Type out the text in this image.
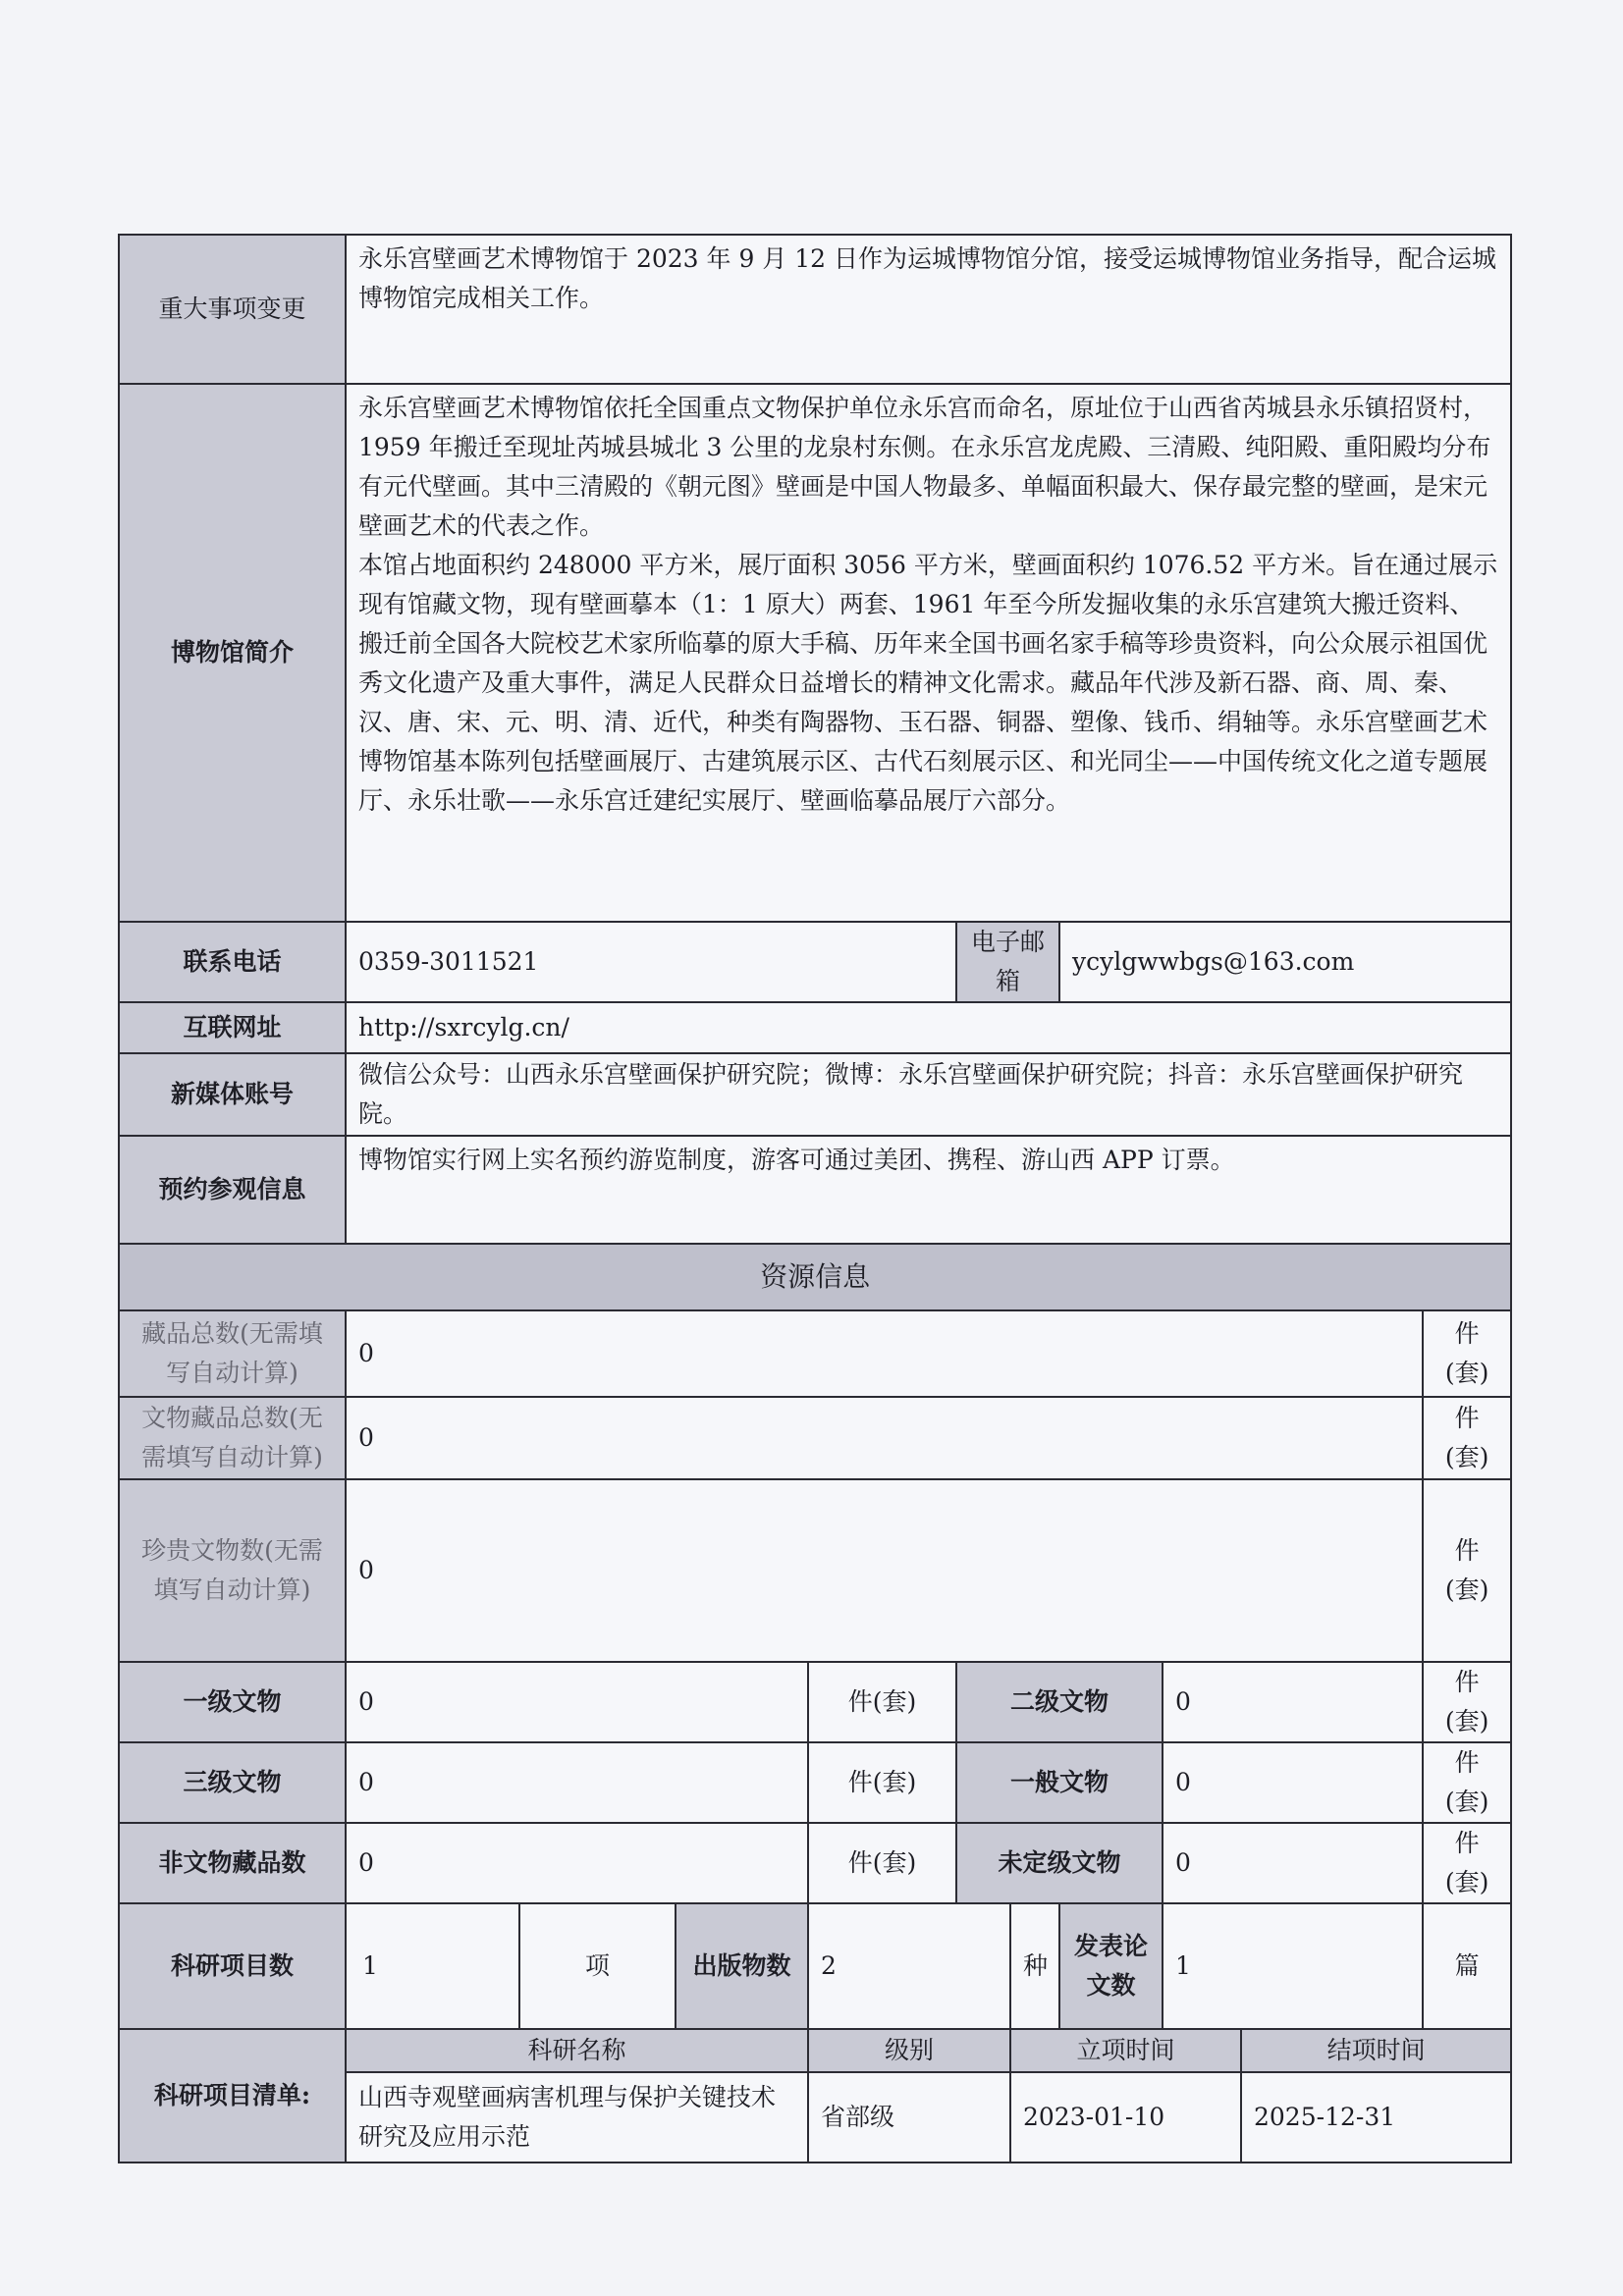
重大事项变更	永乐宫壁画艺术博物馆于 2023 年 9 月 12 日作为运城博物馆分馆，接受运城博物馆业务指导，配合运城博物馆完成相关工作。									
博物馆简介	永乐宫壁画艺术博物馆依托全国重点文物保护单位永乐宫而命名，原址位于山西省芮城县永乐镇招贤村，1959 年搬迁至现址芮城县城北 3 公里的龙泉村东侧。在永乐宫龙虎殿、三清殿、纯阳殿、重阳殿均分布有元代壁画。其中三清殿的《朝元图》壁画是中国人物最多、单幅面积最大、保存最完整的壁画，是宋元壁画艺术的代表之作。
本馆占地面积约 248000 平方米，展厅面积 3056 平方米，壁画面积约 1076.52 平方米。旨在通过展示现有馆藏文物，现有壁画摹本（1：1 原大）两套、1961 年至今所发掘收集的永乐宫建筑大搬迁资料、搬迁前全国各大院校艺术家所临摹的原大手稿、历年来全国书画名家手稿等珍贵资料，向公众展示祖国优秀文化遗产及重大事件，满足人民群众日益增长的精神文化需求。藏品年代涉及新石器、商、周、秦、汉、唐、宋、元、明、清、近代，种类有陶器物、玉石器、铜器、塑像、钱币、绢轴等。永乐宫壁画艺术博物馆基本陈列包括壁画展厅、古建筑展示区、古代石刻展示区、和光同尘——中国传统文化之道专题展厅、永乐壮歌——永乐宫迁建纪实展厅、壁画临摹品展厅六部分。									

联系电话	0359-3011521				电子邮箱		ycylgwwbgs@163.com			
互联网址	http://sxrcylg.cn/									
新媒体账号	微信公众号：山西永乐宫壁画保护研究院；微博：永乐宫壁画保护研究院；抖音：永乐宫壁画保护研究院。									
预约参观信息	博物馆实行网上实名预约游览制度，游客可通过美团、携程、游山西 APP 订票。									
资源信息										
藏品总数(无需填写自动计算)	0									件(套)
文物藏品总数(无需填写自动计算)	0									件(套)
珍贵文物数(无需填写自动计算)	0									件(套)
一级文物	0			件(套)	二级文物			0		件(套)
三级文物	0			件(套)	一般文物			0		件(套)
非文物藏品数	0			件(套)	未定级文物			0		件(套)
科研项目数	1	项	出版物数	2		种	发表论文数	1		篇
科研项目清单:	科研名称			级别		立项时间			结项时间	
	山西寺观壁画病害机理与保护关键技术研究及应用示范			省部级		2023-01-10			2025-12-31	
